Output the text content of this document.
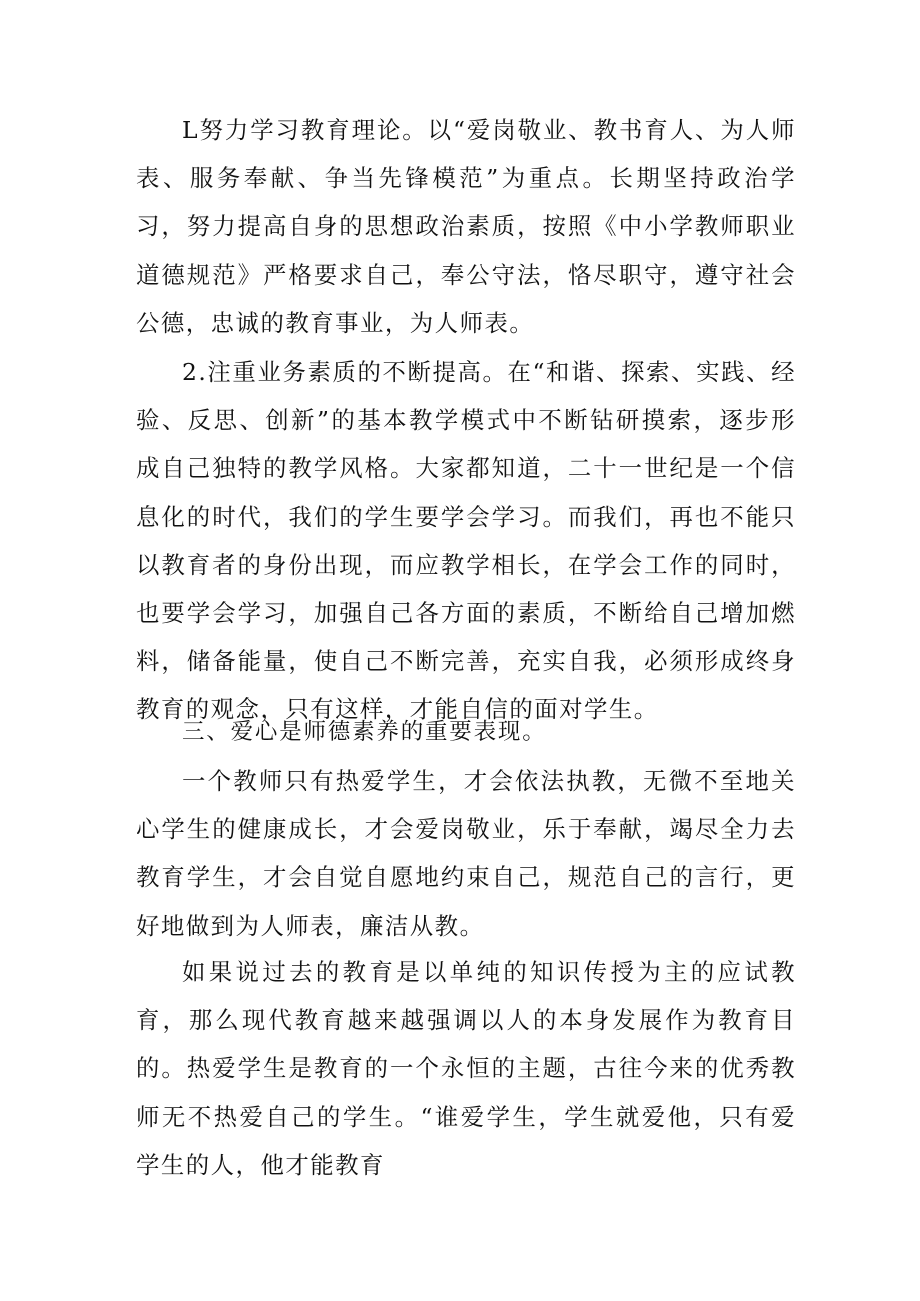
L努力学习教育理论。以“爱岗敬业、教书育人、为人师表、服务奉献、争当先锋模范”为重点。长期坚持政治学习，努力提高自身的思想政治素质，按照《中小学教师职业道德规范》严格要求自己，奉公守法，恪尽职守，遵守社会公德，忠诚的教育事业，为人师表。

2.注重业务素质的不断提高。在“和谐、探索、实践、经验、反思、创新”的基本教学模式中不断钻研摸索，逐步形成自己独特的教学风格。大家都知道，二十一世纪是一个信息化的时代，我们的学生要学会学习。而我们，再也不能只以教育者的身份出现，而应教学相长，在学会工作的同时，也要学会学习，加强自己各方面的素质，不断给自己增加燃料，储备能量，使自己不断完善，充实自我，必须形成终身教育的观念，只有这样，才能自信的面对学生。

三、爱心是师德素养的重要表现。

一个教师只有热爱学生，才会依法执教，无微不至地关心学生的健康成长，才会爱岗敬业，乐于奉献，竭尽全力去教育学生，才会自觉自愿地约束自己，规范自己的言行，更好地做到为人师表，廉洁从教。

如果说过去的教育是以单纯的知识传授为主的应试教育，那么现代教育越来越强调以人的本身发展作为教育目的。热爱学生是教育的一个永恒的主题，古往今来的优秀教师无不热爱自己的学生。“谁爱学生，学生就爱他，只有爱学生的人，他才能教育
